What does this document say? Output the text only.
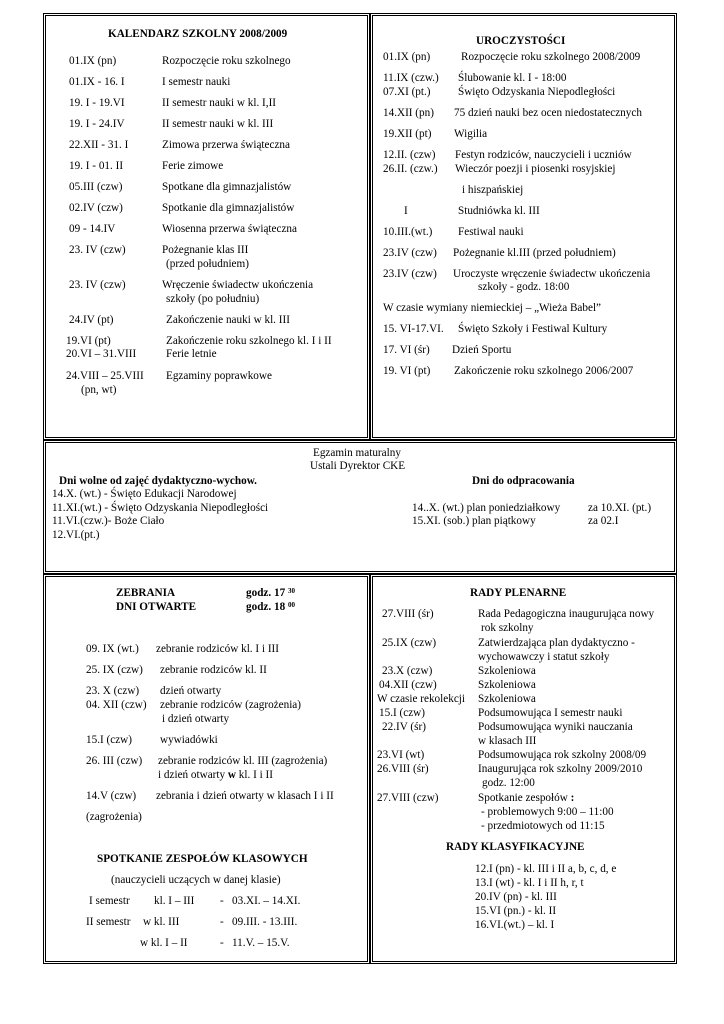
KALENDARZ SZKOLNY 2008/2009
01.IX (pn)	Rozpoczęcie roku szkolnego
01.IX - 16. I	I semestr nauki
19. I - 19.VI	II semestr nauki w kl. I,II
19. I - 24.IV	II semestr nauki w kl. III
22.XII - 31. I	Zimowa przerwa świąteczna
19. I - 01. II	Ferie zimowe
05.III (czw)	Spotkane dla gimnazjalistów
02.IV (czw)	Spotkanie dla gimnazjalistów
09 - 14.IV	Wiosenna przerwa świąteczna
23. IV (czw)	Pożegnanie klas III
(przed południem)
23. IV (czw)	Wręczenie świadectw ukończenia
szkoły (po południu)
24.IV (pt)	Zakończenie nauki w kl. III
19.VI (pt)	Zakończenie roku szkolnego kl. I i II
20.VI – 31.VIII	Ferie letnie
24.VIII – 25.VIII Egzaminy poprawkowe
(pn, wt)
UROCZYSTOŚCI
01.IX (pn)	Rozpoczęcie roku szkolnego 2008/2009
11.IX (czw.) Ślubowanie kl. I - 18:00
07.XI (pt.) Święto Odzyskania Niepodległości
14.XII (pn) 75 dzień nauki bez ocen niedostatecznych
19.XII (pt) Wigilia
12.II. (czw) Festyn rodziców, nauczycieli i uczniów
26.II. (czw.) Wieczór poezji i piosenki rosyjskiej
i hiszpańskiej
I	Studniówka kl. III
10.III.(wt.) Festiwal nauki
23.IV (czw) Pożegnanie kl.III (przed południem)
23.IV (czw) Uroczyste wręczenie świadectw ukończenia
szkoły - godz. 18:00
W czasie wymiany niemieckiej – „Wieża Babel”
15. VI-17.VI. Święto Szkoły i Festiwal Kultury
17. VI (śr) Dzień Sportu
19. VI (pt) Zakończenie roku szkolnego 2006/2007
Egzamin maturalny
Ustali Dyrektor CKE
Dni wolne od zajęć dydaktyczno-wychow.
14.X. (wt.) - Święto Edukacji Narodowej
11.XI.(wt.) - Święto Odzyskania Niepodległości
11.VI.(czw.)- Boże Ciało
12.VI.(pt.)
Dni do odpracowania
14..X. (wt.) plan poniedziałkowy za 10.XI. (pt.)
15.XI. (sob.) plan piątkowy	za 02.I
ZEBRANIA	godz. 17 $^{30}$
DNI OTWARTE	godz. 18 $^{00}$
09. IX (wt.) zebranie rodziców kl. I i III
25. IX (czw) zebranie rodziców kl. II
23. X (czw) dzień otwarty
04. XII (czw) zebranie rodziców (zagrożenia)
i dzień otwarty
15.I (czw)	wywiadówki
26. III (czw) zebranie rodziców kl. III (zagrożenia)
i dzień otwarty w kl. I i II
14.V (czw) zebrania i dzień otwarty w klasach I i II
(zagrożenia)
SPOTKANIE ZESPOŁÓW KLASOWYCH
(nauczycieli uczących w danej klasie)
I semestr kl. I – III - 03.XI. – 14.XI.
II semestr w kl. III	- 09.III. - 13.III.
w kl. I – II	- 11.V. – 15.V.
RADY PLENARNE
27.VIII (śr)	Rada Pedagogiczna inaugurująca nowy
rok szkolny
25.IX (czw)	Zatwierdzająca plan dydaktyczno -
wychowawczy i statut szkoły
23.X (czw)	Szkoleniowa
04.XII (czw)	Szkoleniowa
W czasie rekolekcji Szkoleniowa
15.I (czw)	Podsumowująca I semestr nauki
22.IV (śr)	Podsumowująca wyniki nauczania
w klasach III
23.VI (wt)	Podsumowująca rok szkolny 2008/09
26.VIII (śr)	Inaugurująca rok szkolny 2009/2010
godz. 12:00
27.VIII (czw)	Spotkanie zespołów :
- problemowych 9:00 – 11:00
- przedmiotowych od 11:15
RADY KLASYFIKACYJNE
12.I (pn) - kl. III i II a, b, c, d, e
13.I (wt) - kl. I i II h, r, t
20.IV (pn) - kl. III
15.VI (pn.) - kl. II
16.VI.(wt.) – kl. I
